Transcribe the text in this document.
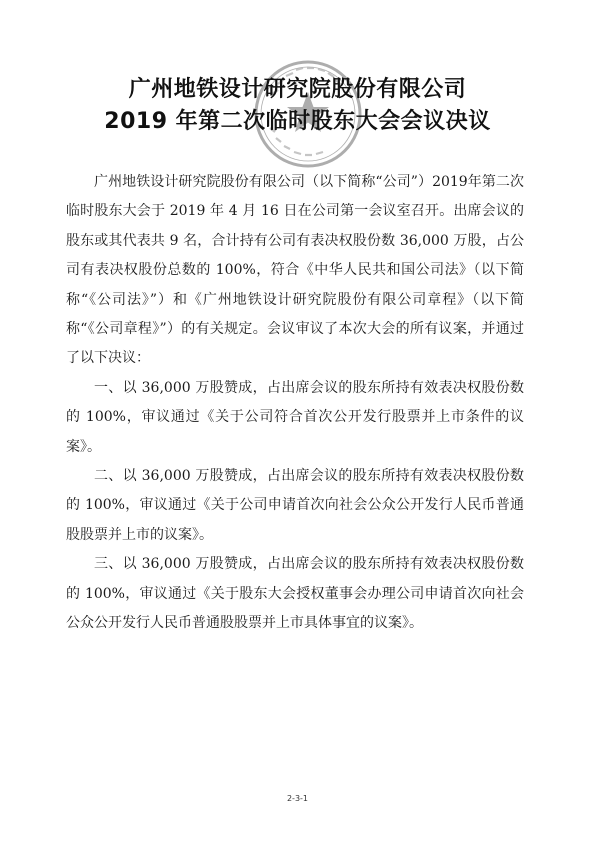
广州地铁设计研究院股份有限公司
2019 年第二次临时股东大会会议决议

广州地铁设计研究院股份有限公司（以下简称“公司”）2019年第二次临时股东大会于 2019 年 4 月 16 日在公司第一会议室召开。出席会议的股东或其代表共 9 名，合计持有公司有表决权股份数 36,000 万股，占公司有表决权股份总数的 100%，符合《中华人民共和国公司法》（以下简称“《公司法》”）和《广州地铁设计研究院股份有限公司章程》（以下简称“《公司章程》”）的有关规定。会议审议了本次大会的所有议案，并通过了以下决议：

一、以 36,000 万股赞成，占出席会议的股东所持有效表决权股份数的 100%，审议通过《关于公司符合首次公开发行股票并上市条件的议案》。

二、以 36,000 万股赞成，占出席会议的股东所持有效表决权股份数的 100%，审议通过《关于公司申请首次向社会公众公开发行人民币普通股股票并上市的议案》。

三、以 36,000 万股赞成，占出席会议的股东所持有效表决权股份数的 100%，审议通过《关于股东大会授权董事会办理公司申请首次向社会公众公开发行人民币普通股股票并上市具体事宜的议案》。

2-3-1
